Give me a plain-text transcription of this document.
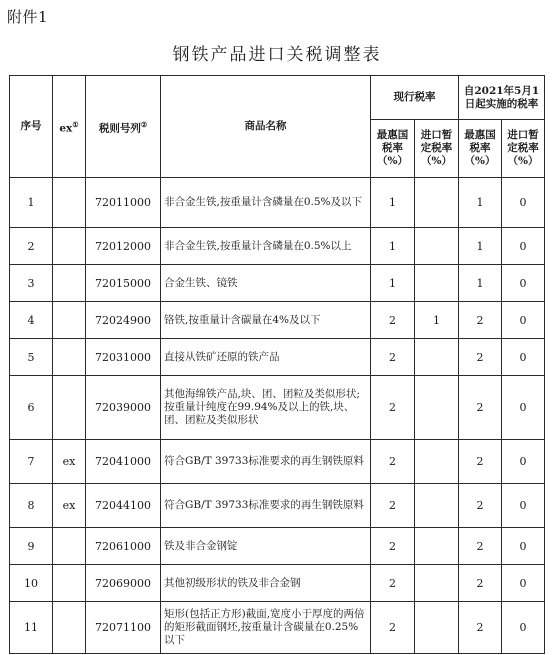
附件1
钢铁产品进口关税调整表
序号	ex①	税则号列②	商品名称	现行税率		自2021年5月1日起实施的税率	
				最惠国税率（%）	进口暂定税率（%）	最惠国税率（%）	进口暂定税率（%）
1		72011000	非合金生铁,按重量计含磷量在0.5%及以下	1		1	0
2		72012000	非合金生铁,按重量计含磷量在0.5%以上	1		1	0
3		72015000	合金生铁、镜铁	1		1	0
4		72024900	铬铁,按重量计含碳量在4%及以下	2	1	2	0
5		72031000	直接从铁矿还原的铁产品	2		2	0
6		72039000	其他海绵铁产品,块、团、团粒及类似形状;按重量计纯度在99.94%及以上的铁,块、团、团粒及类似形状	2		2	0
7	ex	72041000	符合GB/T 39733标准要求的再生钢铁原料	2		2	0
8	ex	72044100	符合GB/T 39733标准要求的再生钢铁原料	2		2	0
9		72061000	铁及非合金钢锭	2		2	0
10		72069000	其他初级形状的铁及非合金钢	2		2	0
11		72071100	矩形(包括正方形)截面,宽度小于厚度的两倍的矩形截面钢坯,按重量计含碳量在0.25%以下	2		2	0
